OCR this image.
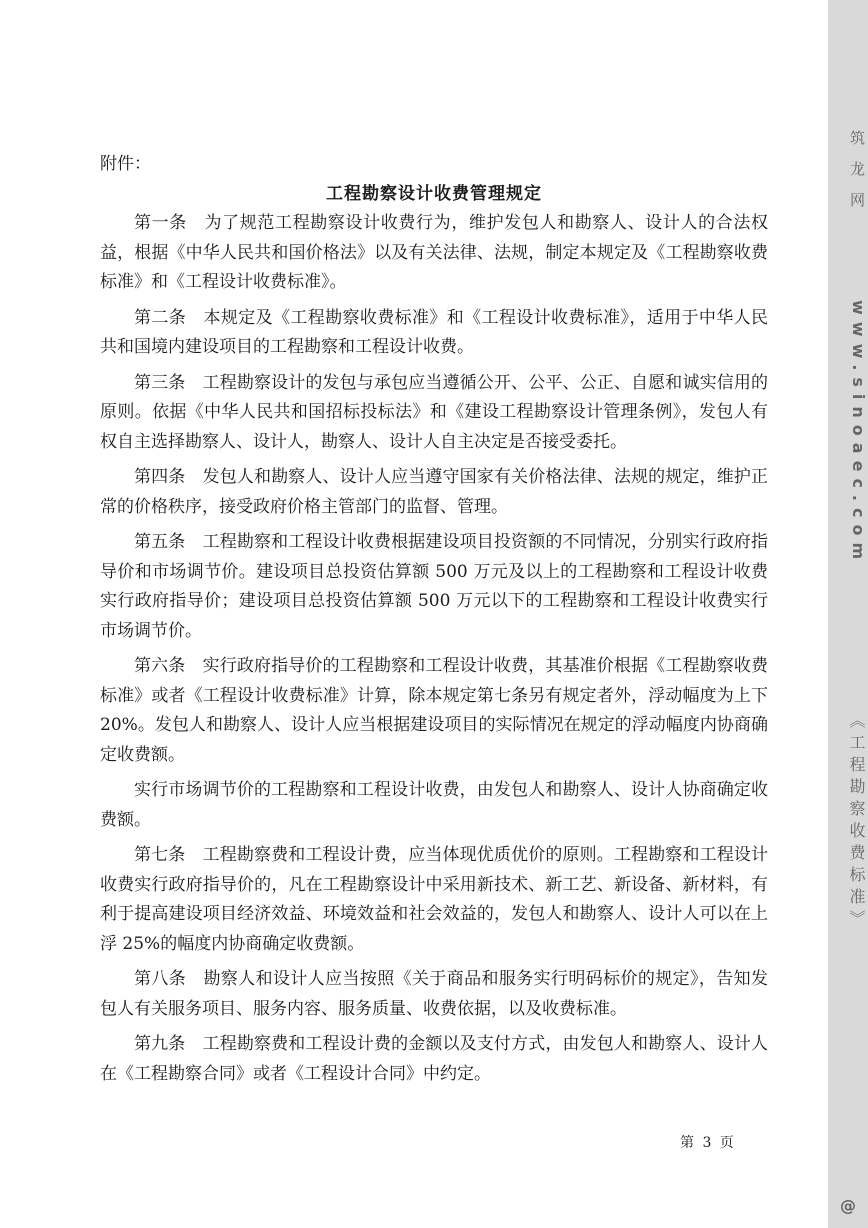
附件：

工程勘察设计收费管理规定

第一条　为了规范工程勘察设计收费行为，维护发包人和勘察人、设计人的合法权益，根据《中华人民共和国价格法》以及有关法律、法规，制定本规定及《工程勘察收费标准》和《工程设计收费标准》。

第二条　本规定及《工程勘察收费标准》和《工程设计收费标准》，适用于中华人民共和国境内建设项目的工程勘察和工程设计收费。

第三条　工程勘察设计的发包与承包应当遵循公开、公平、公正、自愿和诚实信用的原则。依据《中华人民共和国招标投标法》和《建设工程勘察设计管理条例》，发包人有权自主选择勘察人、设计人，勘察人、设计人自主决定是否接受委托。

第四条　发包人和勘察人、设计人应当遵守国家有关价格法律、法规的规定，维护正常的价格秩序，接受政府价格主管部门的监督、管理。

第五条　工程勘察和工程设计收费根据建设项目投资额的不同情况，分别实行政府指导价和市场调节价。建设项目总投资估算额 500 万元及以上的工程勘察和工程设计收费实行政府指导价；建设项目总投资估算额 500 万元以下的工程勘察和工程设计收费实行市场调节价。

第六条　实行政府指导价的工程勘察和工程设计收费，其基准价根据《工程勘察收费标准》或者《工程设计收费标准》计算，除本规定第七条另有规定者外，浮动幅度为上下 20%。发包人和勘察人、设计人应当根据建设项目的实际情况在规定的浮动幅度内协商确定收费额。

实行市场调节价的工程勘察和工程设计收费，由发包人和勘察人、设计人协商确定收费额。

第七条　工程勘察费和工程设计费，应当体现优质优价的原则。工程勘察和工程设计收费实行政府指导价的，凡在工程勘察设计中采用新技术、新工艺、新设备、新材料，有利于提高建设项目经济效益、环境效益和社会效益的，发包人和勘察人、设计人可以在上浮 25%的幅度内协商确定收费额。

第八条　勘察人和设计人应当按照《关于商品和服务实行明码标价的规定》，告知发包人有关服务项目、服务内容、服务质量、收费依据，以及收费标准。

第九条　工程勘察费和工程设计费的金额以及支付方式，由发包人和勘察人、设计人在《工程勘察合同》或者《工程设计合同》中约定。

第 3 页
筑龙网
www.sinoaec.com
《工程勘察收费标准》
@
